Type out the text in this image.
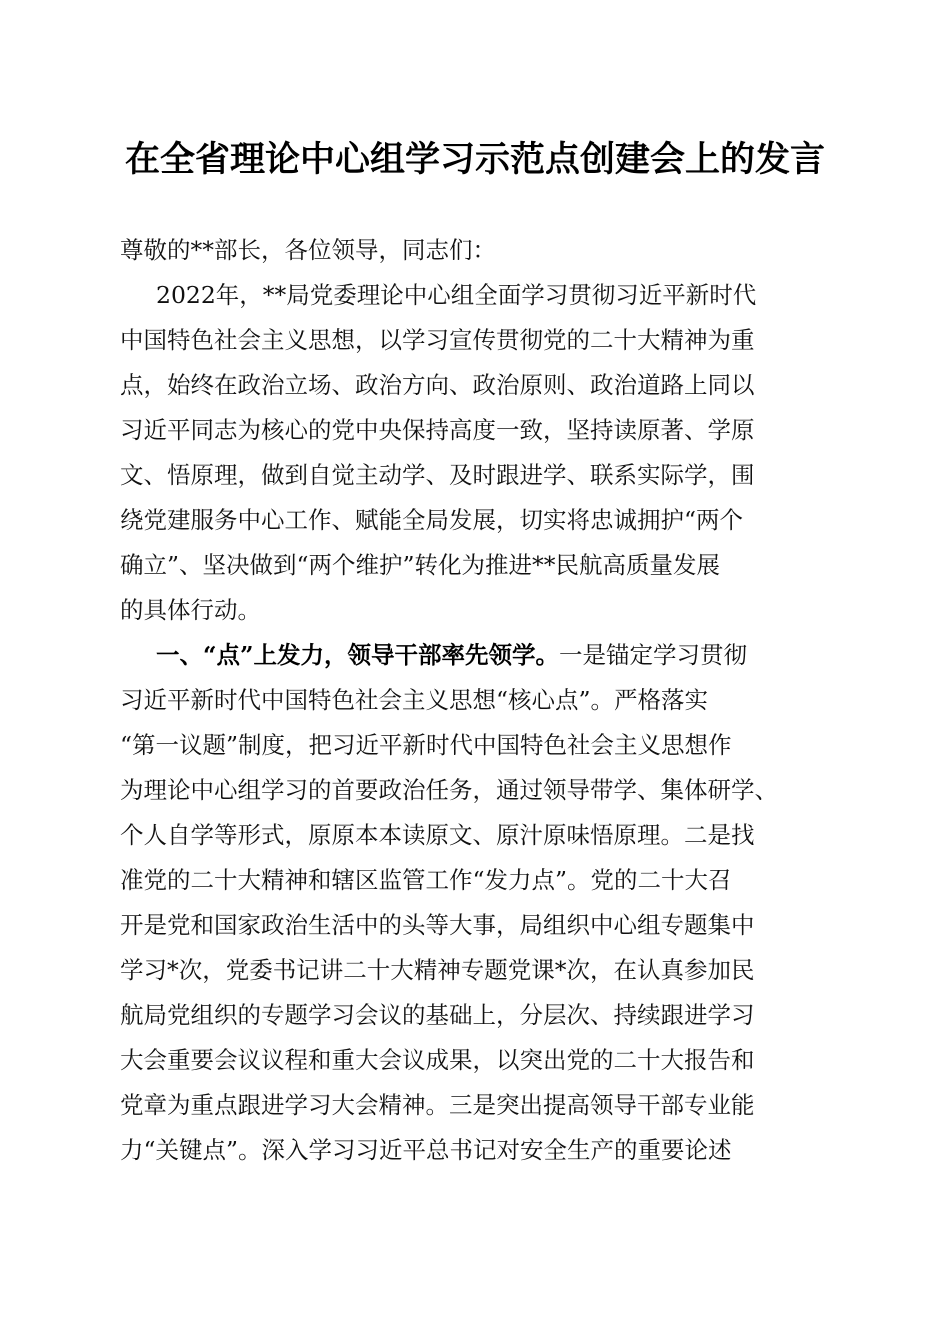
在全省理论中心组学习示范点创建会上的发言
尊敬的**部长，各位领导，同志们：
2022年，**局党委理论中心组全面学习贯彻习近平新时代
中国特色社会主义思想，以学习宣传贯彻党的二十大精神为重
点，始终在政治立场、政治方向、政治原则、政治道路上同以
习近平同志为核心的党中央保持高度一致，坚持读原著、学原
文、悟原理，做到自觉主动学、及时跟进学、联系实际学，围
绕党建服务中心工作、赋能全局发展，切实将忠诚拥护“两个
确立”、坚决做到“两个维护”转化为推进**民航高质量发展
的具体行动。
一、“点”上发力，领导干部率先领学。一是锚定学习贯彻
习近平新时代中国特色社会主义思想“核心点”。严格落实
“第一议题”制度，把习近平新时代中国特色社会主义思想作
为理论中心组学习的首要政治任务，通过领导带学、集体研学、
个人自学等形式，原原本本读原文、原汁原味悟原理。二是找
准党的二十大精神和辖区监管工作“发力点”。党的二十大召
开是党和国家政治生活中的头等大事，局组织中心组专题集中
学习*次，党委书记讲二十大精神专题党课*次，在认真参加民
航局党组织的专题学习会议的基础上，分层次、持续跟进学习
大会重要会议议程和重大会议成果，以突出党的二十大报告和
党章为重点跟进学习大会精神。三是突出提高领导干部专业能
力“关键点”。深入学习习近平总书记对安全生产的重要论述
